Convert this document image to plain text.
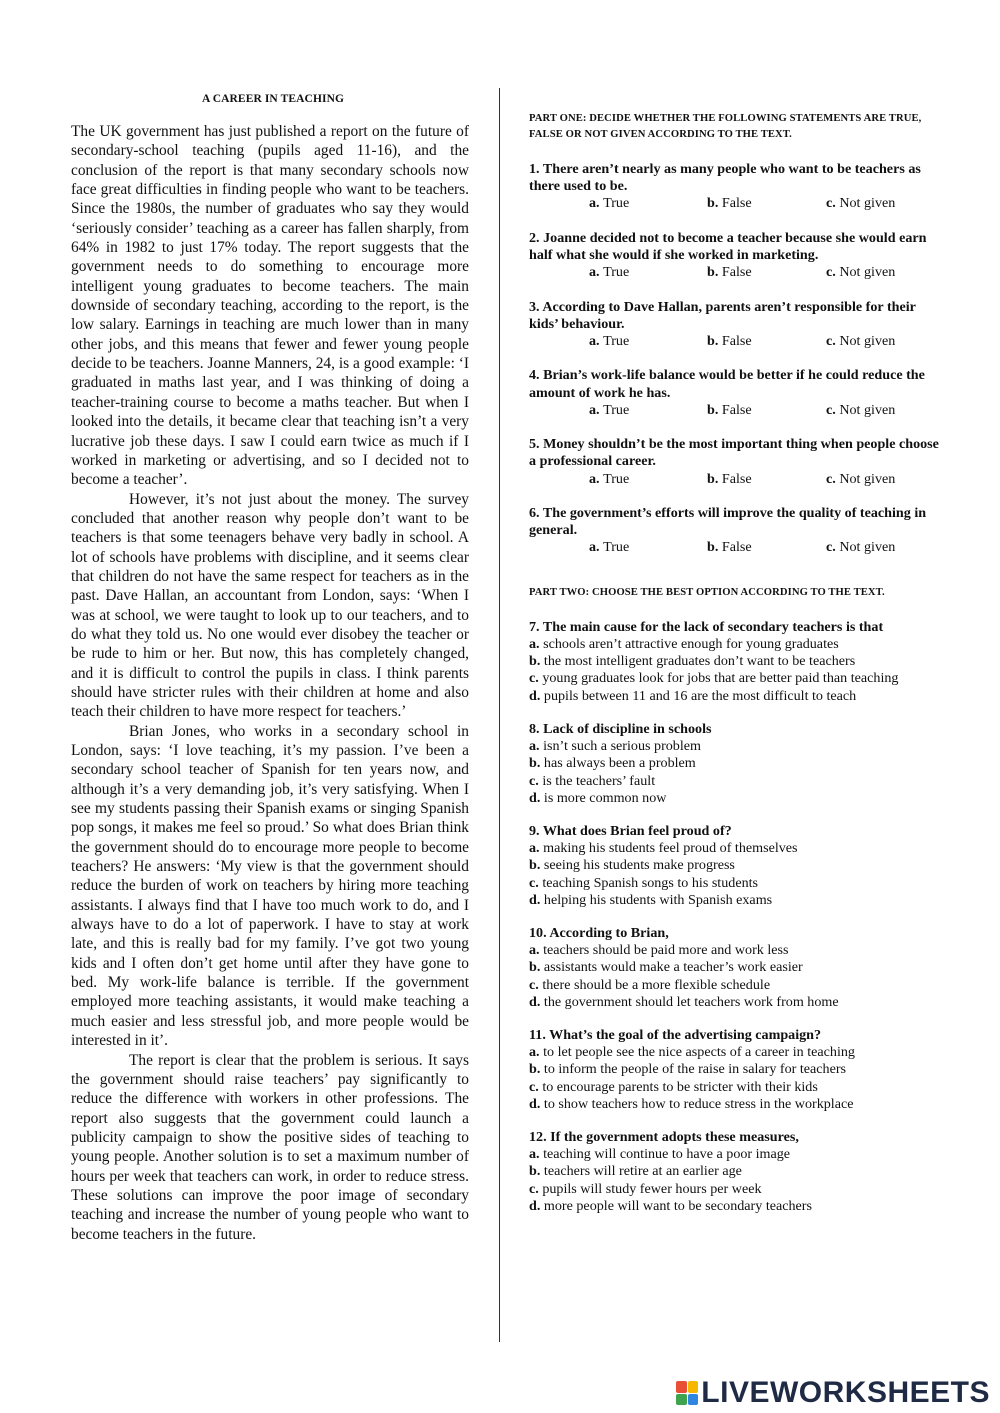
A CAREER IN TEACHING

The UK government has just published a report on the future of secondary-school teaching (pupils aged 11-16), and the conclusion of the report is that many secondary schools now face great difficulties in finding people who want to be teachers. Since the 1980s, the number of graduates who say they would ‘seriously consider’ teaching as a career has fallen sharply, from 64% in 1982 to just 17% today. The report suggests that the government needs to do something to encourage more intelligent young graduates to become teachers. The main downside of secondary teaching, according to the report, is the low salary. Earnings in teaching are much lower than in many other jobs, and this means that fewer and fewer young people decide to be teachers. Joanne Manners, 24, is a good example: ‘I graduated in maths last year, and I was thinking of doing a teacher-training course to become a maths teacher. But when I looked into the details, it became clear that teaching isn’t a very lucrative job these days. I saw I could earn twice as much if I worked in marketing or advertising, and so I decided not to become a teacher’.

However, it’s not just about the money. The survey concluded that another reason why people don’t want to be teachers is that some teenagers behave very badly in school. A lot of schools have problems with discipline, and it seems clear that children do not have the same respect for teachers as in the past. Dave Hallan, an accountant from London, says: ‘When I was at school, we were taught to look up to our teachers, and to do what they told us. No one would ever disobey the teacher or be rude to him or her. But now, this has completely changed, and it is difficult to control the pupils in class. I think parents should have stricter rules with their children at home and also teach their children to have more respect for teachers.’

Brian Jones, who works in a secondary school in London, says: ‘I love teaching, it’s my passion. I’ve been a secondary school teacher of Spanish for ten years now, and although it’s a very demanding job, it’s very satisfying. When I see my students passing their Spanish exams or singing Spanish pop songs, it makes me feel so proud.’ So what does Brian think the government should do to encourage more people to become teachers? He answers: ‘My view is that the government should reduce the burden of work on teachers by hiring more teaching assistants. I always find that I have too much work to do, and I always have to do a lot of paperwork. I have to stay at work late, and this is really bad for my family. I’ve got two young kids and I often don’t get home until after they have gone to bed. My work-life balance is terrible. If the government employed more teaching assistants, it would make teaching a much easier and less stressful job, and more people would be interested in it’.

The report is clear that the problem is serious. It says the government should raise teachers’ pay significantly to reduce the difference with workers in other professions. The report also suggests that the government could launch a publicity campaign to show the positive sides of teaching to young people. Another solution is to set a maximum number of hours per week that teachers can work, in order to reduce stress. These solutions can improve the poor image of secondary teaching and increase the number of young people who want to become teachers in the future.

PART ONE: DECIDE WHETHER THE FOLLOWING STATEMENTS ARE TRUE, FALSE OR NOT GIVEN ACCORDING TO THE TEXT.
1. There aren’t nearly as many people who want to be teachers as there used to be.
a. True	b. False	c. Not given
2. Joanne decided not to become a teacher because she would earn half what she would if she worked in marketing.
a. True	b. False	c. Not given
3. According to Dave Hallan, parents aren’t responsible for their kids’ behaviour.
a. True	b. False	c. Not given
4. Brian’s work-life balance would be better if he could reduce the amount of work he has.
a. True	b. False	c. Not given
5. Money shouldn’t be the most important thing when people choose a professional career.
a. True	b. False	c. Not given
6. The government’s efforts will improve the quality of teaching in general.
a. True	b. False	c. Not given
PART TWO: CHOOSE THE BEST OPTION ACCORDING TO THE TEXT.
7. The main cause for the lack of secondary teachers is that
a. schools aren’t attractive enough for young graduates
b. the most intelligent graduates don’t want to be teachers
c. young graduates look for jobs that are better paid than teaching
d. pupils between 11 and 16 are the most difficult to teach
8. Lack of discipline in schools
a. isn’t such a serious problem
b. has always been a problem
c. is the teachers’ fault
d. is more common now
9. What does Brian feel proud of?
a. making his students feel proud of themselves
b. seeing his students make progress
c. teaching Spanish songs to his students
d. helping his students with Spanish exams
10. According to Brian,
a. teachers should be paid more and work less
b. assistants would make a teacher’s work easier
c. there should be a more flexible schedule
d. the government should let teachers work from home
11. What’s the goal of the advertising campaign?
a. to let people see the nice aspects of a career in teaching
b. to inform the people of the raise in salary for teachers
c. to encourage parents to be stricter with their kids
d. to show teachers how to reduce stress in the workplace
12. If the government adopts these measures,
a. teaching will continue to have a poor image
b. teachers will retire at an earlier age
c. pupils will study fewer hours per week
d. more people will want to be secondary teachers
LIVEWORKSHEETS
